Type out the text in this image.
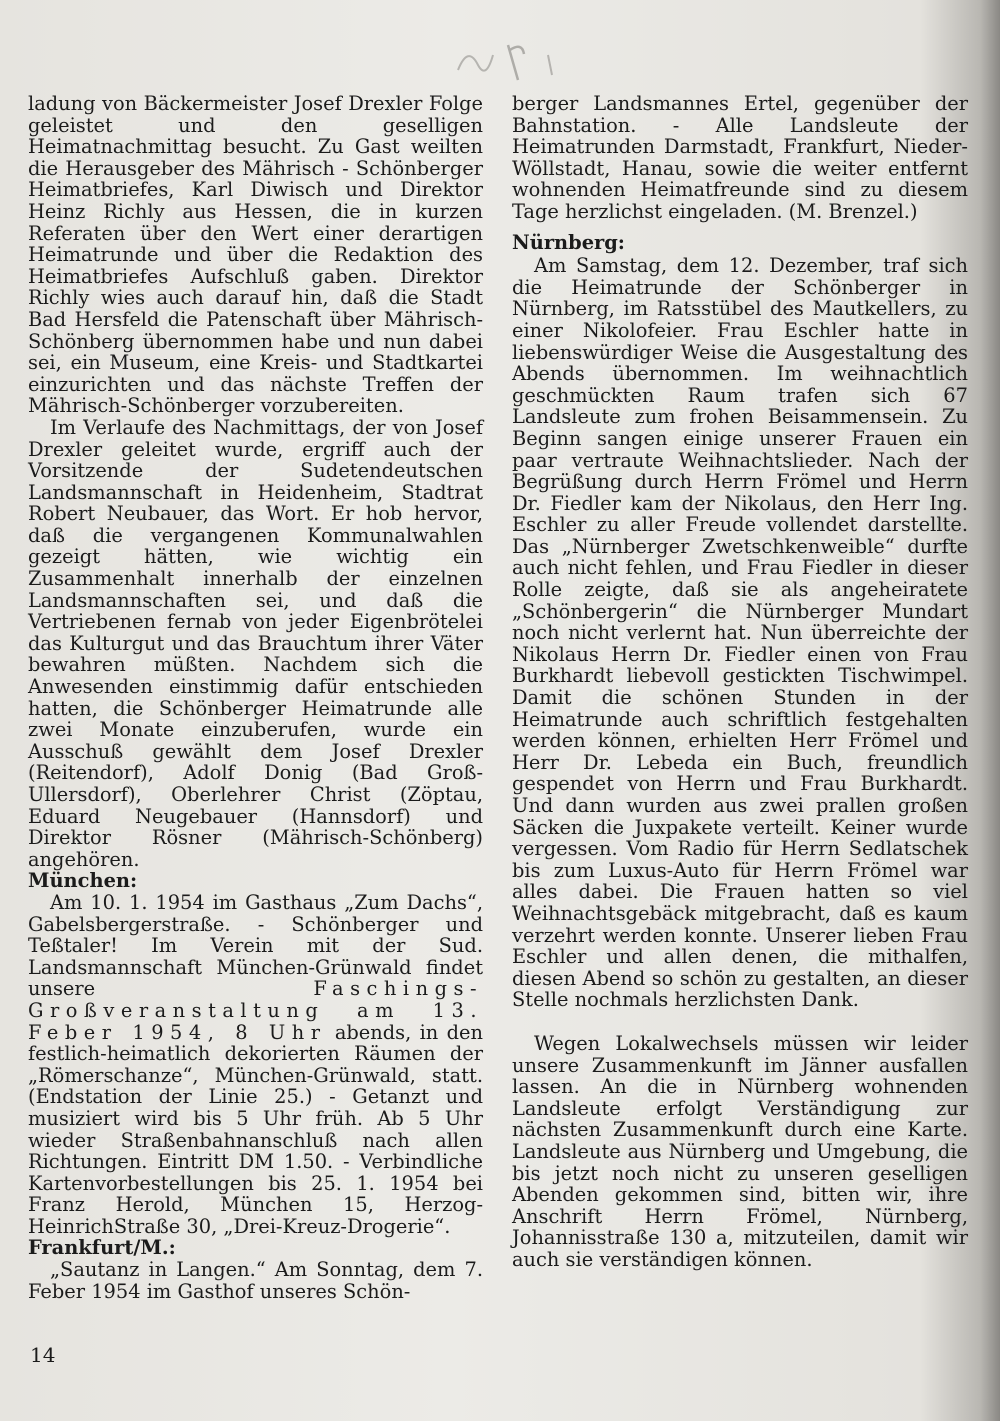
ladung von Bäckermeister Josef Drexler Folge geleistet und den geselligen Heimatnachmittag besucht. Zu Gast weilten die Herausgeber des Mährisch - Schönberger Heimatbriefes, Karl Diwisch und Direktor Heinz Richly aus Hessen, die in kurzen Referaten über den Wert einer derartigen Heimatrunde und über die Redaktion des Heimatbriefes Aufschluß gaben. Direktor Richly wies auch darauf hin, daß die Stadt Bad Hersfeld die Patenschaft über Mährisch-Schönberg übernommen habe und nun dabei sei, ein Museum, eine Kreis- und Stadtkartei einzurichten und das nächste Treffen der Mährisch-Schönberger vorzubereiten.

Im Verlaufe des Nachmittags, der von Josef Drexler geleitet wurde, ergriff auch der Vorsitzende der Sudetendeutschen Landsmannschaft in Heidenheim, Stadtrat Robert Neubauer, das Wort. Er hob hervor, daß die vergangenen Kommunalwahlen gezeigt hätten, wie wichtig ein Zusammenhalt innerhalb der einzelnen Landsmannschaften sei, und daß die Vertriebenen fernab von jeder Eigenbrötelei das Kulturgut und das Brauchtum ihrer Väter bewahren müßten. Nachdem sich die Anwesenden einstimmig dafür entschieden hatten, die Schönberger Heimatrunde alle zwei Monate einzuberufen, wurde ein Ausschuß gewählt dem Josef Drexler (Reitendorf), Adolf Donig (Bad Groß-Ullersdorf), Oberlehrer Christ (Zöptau, Eduard Neugebauer (Hannsdorf) und Direktor Rösner (Mährisch-Schönberg) angehören.

München:

Am 10. 1. 1954 im Gasthaus „Zum Dachs“, Gabelsbergerstraße. - Schönberger und Teßtaler! Im Verein mit der Sud. Landsmannschaft München-Grünwald findet unsere	Faschings-Großveranstaltung am 13. Feber 1954, 8 Uhr abends, in den festlich-heimatlich dekorierten Räumen der „Römerschanze“, München-Grünwald, statt. (Endstation der Linie 25.) - Getanzt und musiziert wird bis 5 Uhr früh. Ab 5 Uhr wieder Straßenbahnanschluß nach allen Richtungen. Eintritt DM 1.50. - Verbindliche Kartenvorbestellungen bis 25. 1. 1954 bei Franz Herold, München 15, Herzog-HeinrichStraße 30, „Drei-Kreuz-Drogerie“.

Frankfurt/M.:

„Sautanz in Langen.“ Am Sonntag, dem 7. Feber 1954 im Gasthof unseres Schön-

berger Landsmannes Ertel, gegenüber der Bahnstation. - Alle Landsleute der Heimatrunden Darmstadt, Frankfurt, Nieder-Wöllstadt, Hanau, sowie die weiter entfernt wohnenden Heimatfreunde sind zu diesem Tage herzlichst eingeladen. (M. Brenzel.)

Nürnberg:

Am Samstag, dem 12. Dezember, traf sich die Heimatrunde der Schönberger in Nürnberg, im Ratsstübel des Mautkellers, zu einer Nikolofeier. Frau Eschler hatte in liebenswürdiger Weise die Ausgestaltung des Abends übernommen. Im weihnachtlich geschmückten Raum trafen sich 67 Landsleute zum frohen Beisammensein. Zu Beginn sangen einige unserer Frauen ein paar vertraute Weihnachtslieder. Nach der Begrüßung durch Herrn Frömel und Herrn Dr. Fiedler kam der Nikolaus, den Herr Ing. Eschler zu aller Freude vollendet darstellte. Das „Nürnberger Zwetschkenweible“ durfte auch nicht fehlen, und Frau Fiedler in dieser Rolle zeigte, daß sie als angeheiratete „Schönbergerin“ die Nürnberger Mundart noch nicht verlernt hat. Nun überreichte der Nikolaus Herrn Dr. Fiedler einen von Frau Burkhardt liebevoll gestickten Tischwimpel. Damit die schönen Stunden in der Heimatrunde auch schriftlich festgehalten werden können, erhielten Herr Frömel und Herr Dr. Lebeda ein Buch, freundlich gespendet von Herrn und Frau Burkhardt. Und dann wurden aus zwei prallen großen Säcken die Juxpakete verteilt. Keiner wurde vergessen. Vom Radio für Herrn Sedlatschek bis zum Luxus-Auto für Herrn Frömel war alles dabei. Die Frauen hatten so viel Weihnachtsgebäck mitgebracht, daß es kaum verzehrt werden konnte. Unserer lieben Frau Eschler und allen denen, die mithalfen, diesen Abend so schön zu gestalten, an dieser Stelle nochmals herzlichsten Dank.

Wegen Lokalwechsels müssen wir leider unsere Zusammenkunft im Jänner ausfallen lassen. An die in Nürnberg wohnenden Landsleute erfolgt Verständigung zur nächsten Zusammenkunft durch eine Karte. Landsleute aus Nürnberg und Umgebung, die bis jetzt noch nicht zu unseren geselligen Abenden gekommen sind, bitten wir, ihre Anschrift Herrn Frömel, Nürnberg, Johannisstraße 130 a, mitzuteilen, damit wir auch sie verständigen können.

14
